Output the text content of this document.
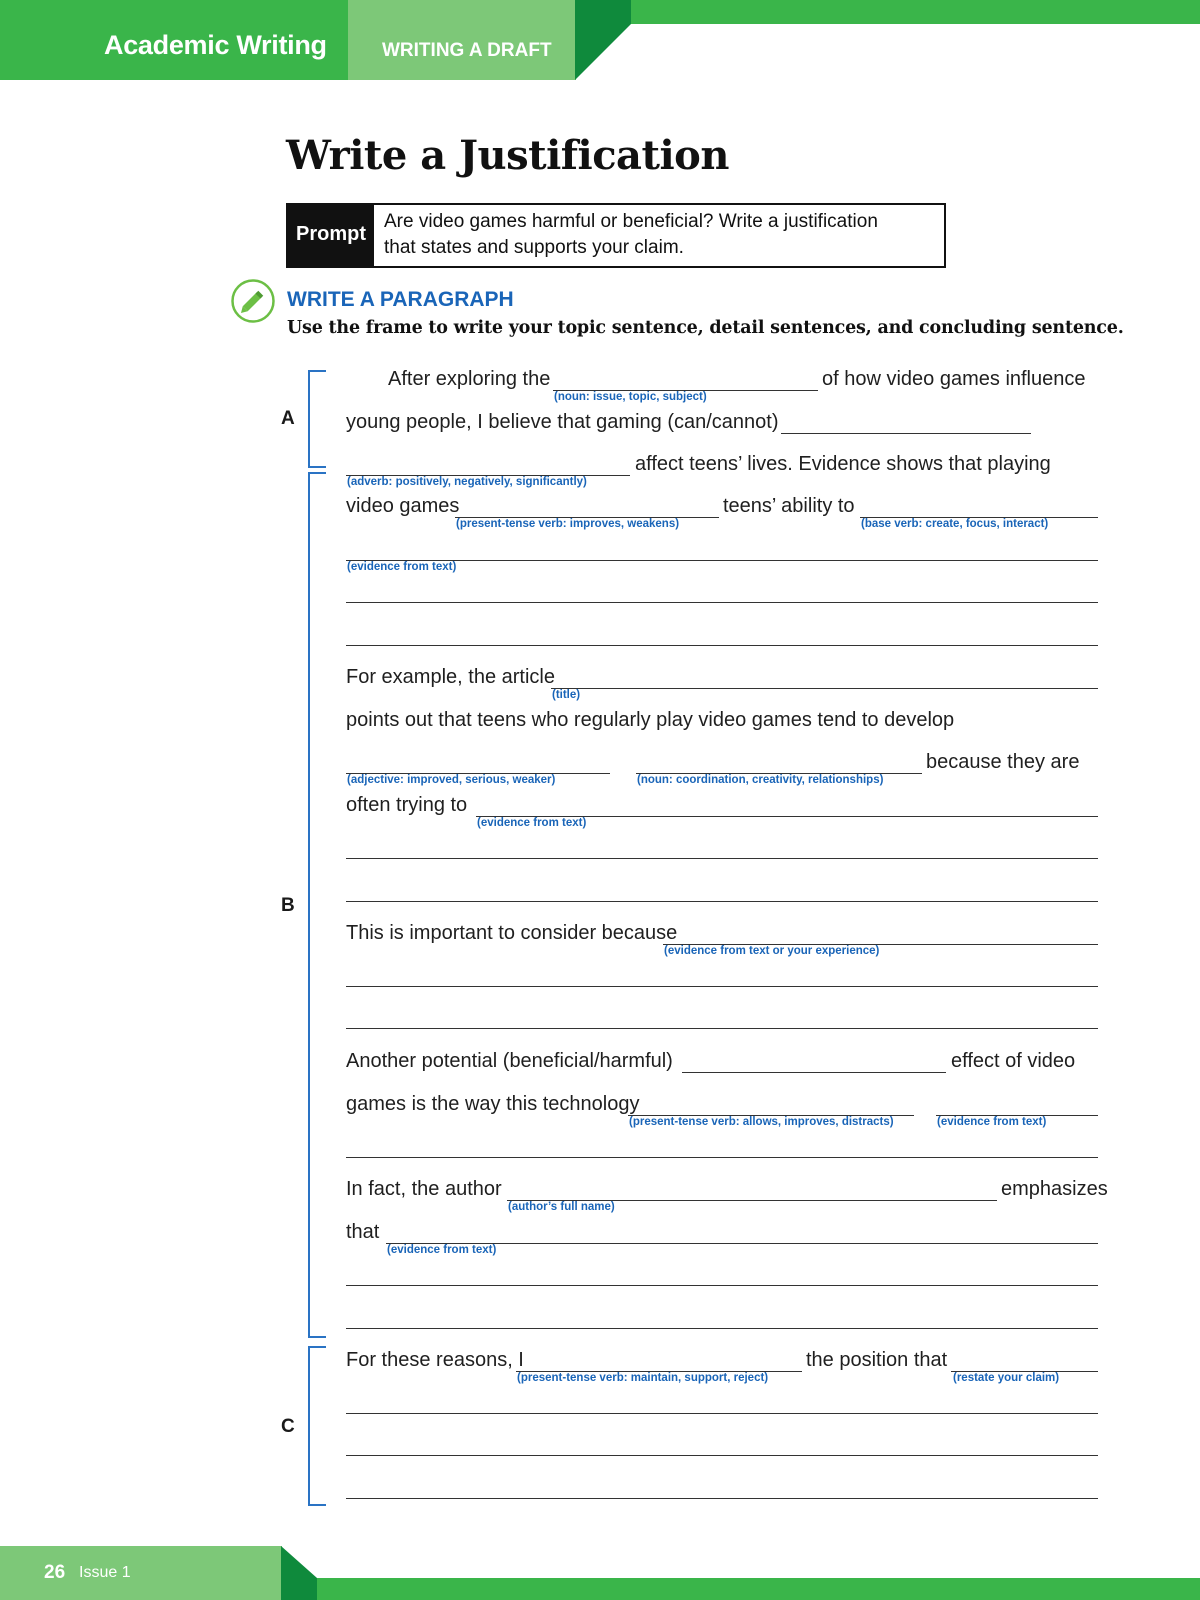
Academic Writing	WRITING A DRAFT
Write a Justification
Prompt
Are video games harmful or beneficial? Write a justification
that states and supports your claim.
WRITE A PARAGRAPH
Use the frame to write your topic sentence, detail sentences, and concluding sentence.
A
B
C
After exploring the
(noun: issue, topic, subject)
of how video games influence
young people, I believe that gaming (can/cannot)
(adverb: positively, negatively, significantly)
affect teens’ lives. Evidence shows that playing
video games
(present-tense verb: improves, weakens)
teens’ ability to
(base verb: create, focus, interact)
(evidence from text)
For example, the article
(title)
points out that teens who regularly play video games tend to develop
(adjective: improved, serious, weaker)	(noun: coordination, creativity, relationships)
because they are
often trying to
(evidence from text)
This is important to consider because
(evidence from text or your experience)
Another potential (beneficial/harmful)	effect of video
games is the way this technology
(present-tense verb: allows, improves, distracts)	(evidence from text)
In fact, the author
(author’s full name)
emphasizes
that
(evidence from text)
For these reasons, I
(present-tense verb: maintain, support, reject)
the position that
(restate your claim)
26 Issue 1
